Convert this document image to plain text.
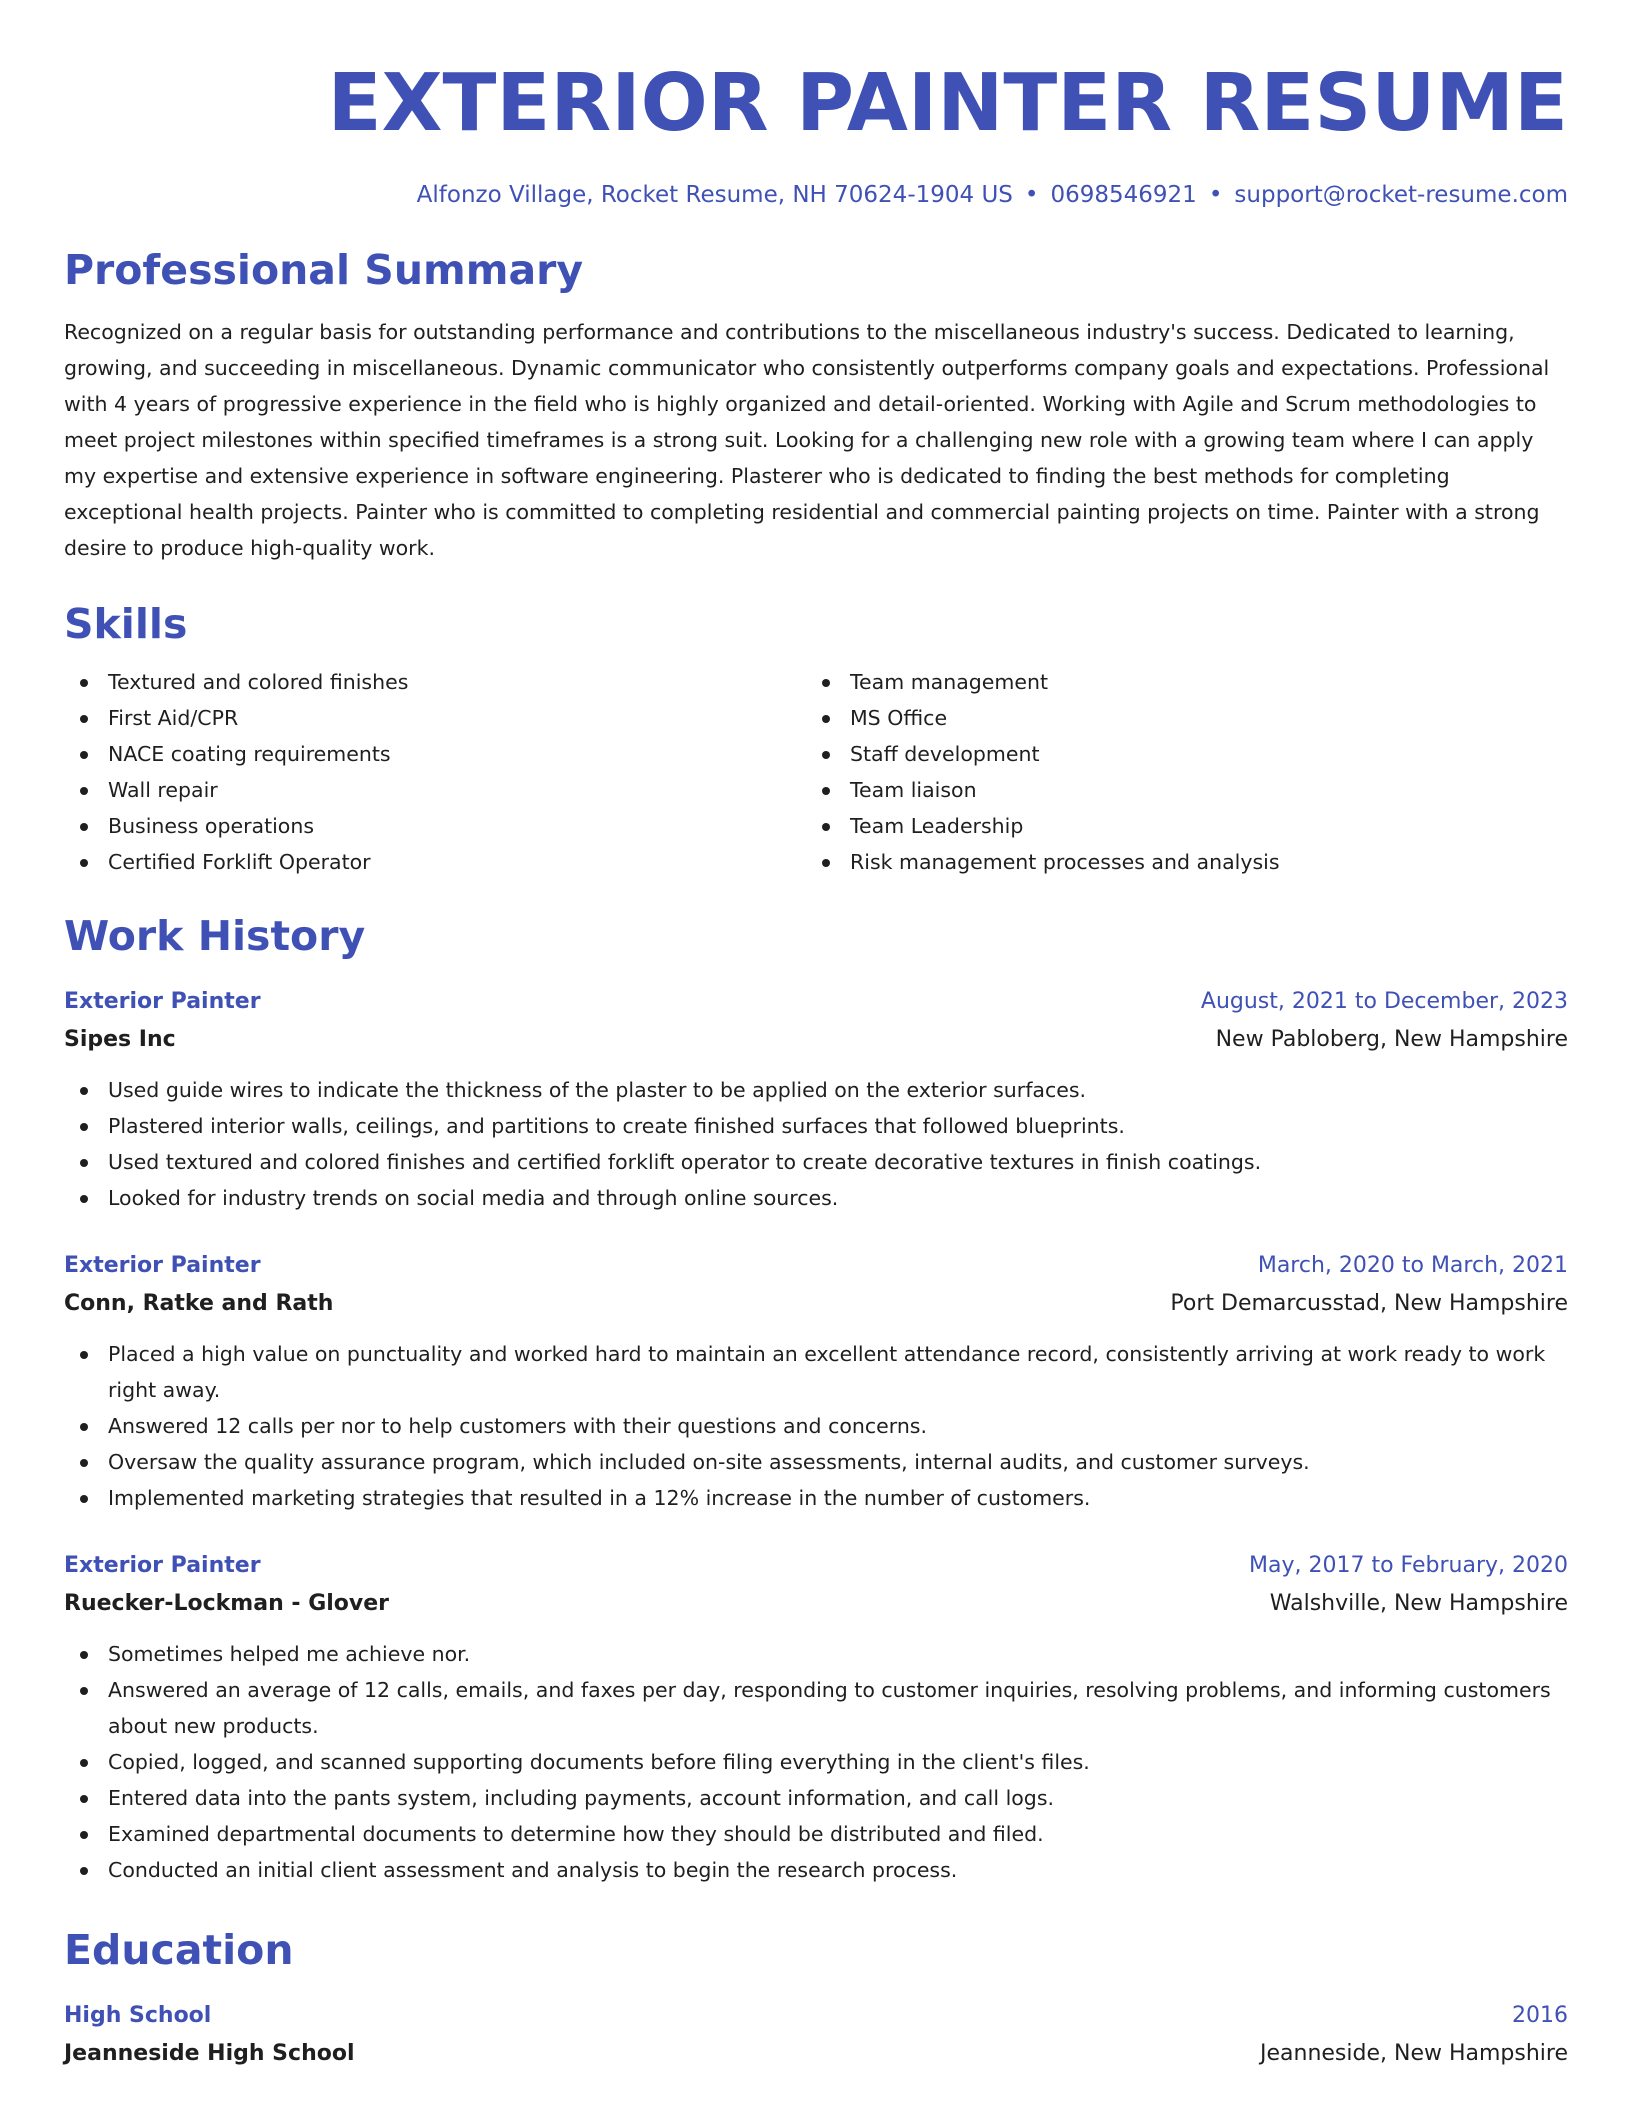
EXTERIOR PAINTER RESUME
Alfonzo Village, Rocket Resume, NH 70624-1904 US • 0698546921 • support@rocket-resume.com
Professional Summary

Recognized on a regular basis for outstanding performance and contributions to the miscellaneous industry's success. Dedicated to learning, growing, and succeeding in miscellaneous. Dynamic communicator who consistently outperforms company goals and expectations. Professional with 4 years of progressive experience in the field who is highly organized and detail-oriented. Working with Agile and Scrum methodologies to meet project milestones within specified timeframes is a strong suit. Looking for a challenging new role with a growing team where I can apply my expertise and extensive experience in software engineering. Plasterer who is dedicated to finding the best methods for completing exceptional health projects. Painter who is committed to completing residential and commercial painting projects on time. Painter with a strong desire to produce high-quality work.

Skills
Textured and colored finishes
First Aid/CPR
NACE coating requirements
Wall repair
Business operations
Certified Forklift Operator
Team management
MS Office
Staff development
Team liaison
Team Leadership
Risk management processes and analysis
Work History
Exterior Painter	August, 2021 to December, 2023
Sipes Inc	New Pabloberg, New Hampshire
Used guide wires to indicate the thickness of the plaster to be applied on the exterior surfaces.
Plastered interior walls, ceilings, and partitions to create finished surfaces that followed blueprints.
Used textured and colored finishes and certified forklift operator to create decorative textures in finish coatings.
Looked for industry trends on social media and through online sources.
Exterior Painter	March, 2020 to March, 2021
Conn, Ratke and Rath	Port Demarcusstad, New Hampshire
Placed a high value on punctuality and worked hard to maintain an excellent attendance record, consistently arriving at work ready to work right away.
Answered 12 calls per nor to help customers with their questions and concerns.
Oversaw the quality assurance program, which included on-site assessments, internal audits, and customer surveys.
Implemented marketing strategies that resulted in a 12% increase in the number of customers.
Exterior Painter	May, 2017 to February, 2020
Ruecker-Lockman - Glover	Walshville, New Hampshire
Sometimes helped me achieve nor.
Answered an average of 12 calls, emails, and faxes per day, responding to customer inquiries, resolving problems, and informing customers about new products.
Copied, logged, and scanned supporting documents before filing everything in the client's files.
Entered data into the pants system, including payments, account information, and call logs.
Examined departmental documents to determine how they should be distributed and filed.
Conducted an initial client assessment and analysis to begin the research process.
Education
High School	2016
Jeanneside High School	Jeanneside, New Hampshire
